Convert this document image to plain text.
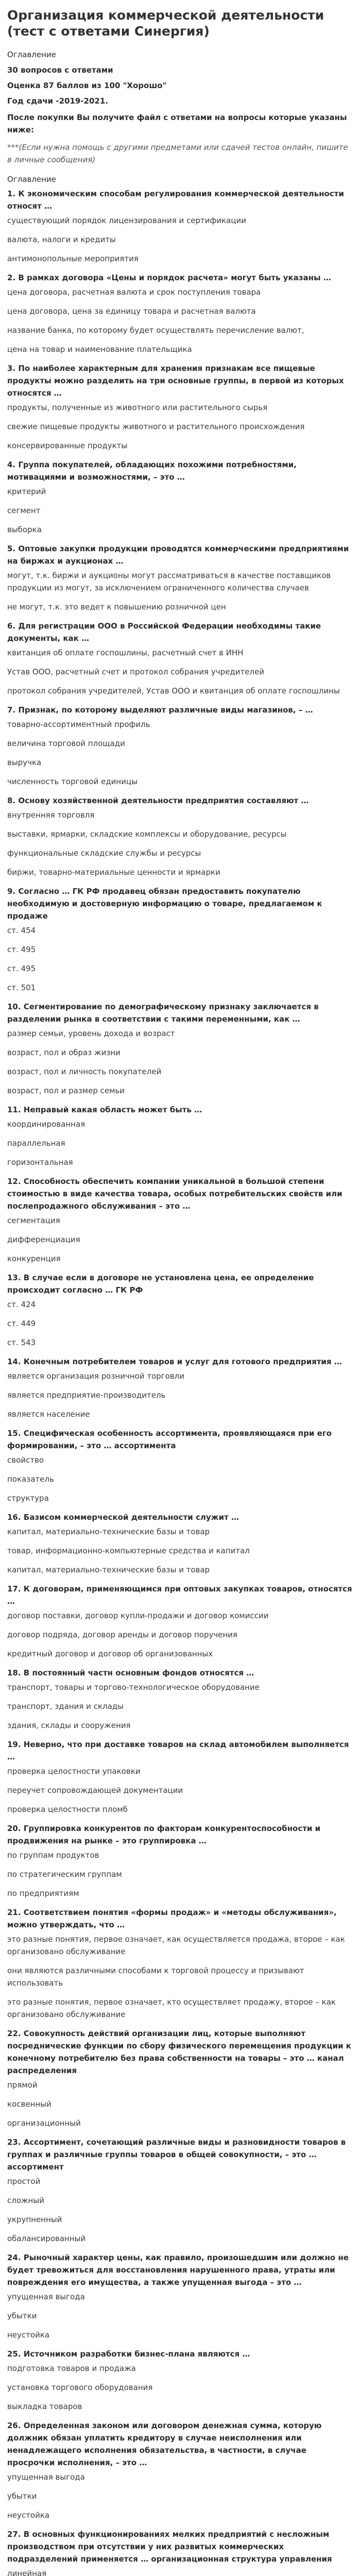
Организация коммерческой деятельности (тест с ответами Синергия)
Оглавление
30 вопросов с ответами
Оценка 87 баллов из 100 "Хорошо"
Год сдачи -2019-2021.
После покупки Вы получите файл с ответами на вопросы которые указаны ниже:
***(Если нужна помощь с другими предметами или сдачей тестов онлайн, пишите в личные сообщения)
Оглавление
1. К экономическим способам регулирования коммерческой деятельности относят …
существующий порядок лицензирования и сертификации
валюта, налоги и кредиты
антимонопольные мероприятия
2. В рамках договора «Цены и порядок расчета» могут быть указаны …
цена договора, расчетная валюта и срок поступления товара
цена договора, цена за единицу товара и расчетная валюта
название банка, по которому будет осуществлять перечисление валют,
цена на товар и наименование плательщика
3. По наиболее характерным для хранения признакам все пищевые продукты можно разделить на три основные группы, в первой из которых относятся …
продукты, полученные из животного или растительного сырья
свежие пищевые продукты животного и растительного происхождения
консервированные продукты
4. Группа покупателей, обладающих похожими потребностями, мотивациями и возможностями, – это …
критерий
сегмент
выборка
5. Оптовые закупки продукции проводятся коммерческими предприятиями на биржах и аукционах …
могут, т.к. биржи и аукционы могут рассматриваться в качестве поставщиков продукции из могут, за исключением ограниченного количества случаев
не могут, т.к. это ведет к повышению розничной цен
6. Для регистрации ООО в Российской Федерации необходимы такие документы, как …
квитанция об оплате госпошлины, расчетный счет в ИНН
Устав ООО, расчетный счет и протокол собрания учредителей
протокол собрания учредителей, Устав ООО и квитанция об оплате госпошлины
7. Признак, по которому выделяют различные виды магазинов, – …
товарно-ассортиментный профиль
величина торговой площади
выручка
численность торговой единицы
8. Основу хозяйственной деятельности предприятия составляют …
внутренняя торговля
выставки, ярмарки, складские комплексы и оборудование, ресурсы
функциональные складские службы и ресурсы
биржи, товарно-материальные ценности и ярмарки
9. Согласно … ГК РФ продавец обязан предоставить покупателю необходимую и достоверную информацию о товаре, предлагаемом к продаже
ст. 454
ст. 495
ст. 495
ст. 501
10. Сегментирование по демографическому признаку заключается в разделении рынка в соответствии с такими переменными, как …
размер семьи, уровень дохода и возраст
возраст, пол и образ жизни
возраст, пол и личность покупателей
возраст, пол и размер семьи
11. Неправый какая область может быть …
координированная
параллельная
горизонтальная
12. Способность обеспечить компании уникальной в большой степени стоимостью в виде качества товара, особых потребительских свойств или послепродажного обслуживания – это …
сегментация
дифференциация
конкуренция
13. В случае если в договоре не установлена цена, ее определение происходит согласно … ГК РФ
ст. 424
ст. 449
ст. 543
14. Конечным потребителем товаров и услуг для готового предприятия …
является организация розничной торговли
является предприятие-производитель
является население
15. Специфическая особенность ассортимента, проявляющаяся при его формировании, – это … ассортимента
свойство
показатель
структура
16. Базисом коммерческой деятельности служит …
капитал, материально-технические базы и товар
товар, информационно-компьютерные средства и капитал
капитал, материально-технические базы и товар
17. К договорам, применяющимся при оптовых закупках товаров, относятся …
договор поставки, договор купли-продажи и договор комиссии
договор подряда, договор аренды и договор поручения
кредитный договор и договор об организованных
18. В постоянный частн основным фондов относятся …
транспорт, товары и торгово-технологическое оборудование
транспорт, здания и склады
здания, склады и сооружения
19. Неверно, что при доставке товаров на склад автомобилем выполняется …
проверка целостности упаковки
переучет сопровождающей документации
проверка целостности пломб
20. Группировка конкурентов по факторам конкурентоспособности и продвижения на рынке – это группировка …
по группам продуктов
по стратегическим группам
по предприятиям
21. Соответствием понятия «формы продаж» и «методы обслуживания», можно утверждать, что …
это разные понятия, первое означает, как осуществляется продажа, второе – как организовано обслуживание
они являются различными способами к торговой процессу и призывают использовать
это разные понятия, первое означает, кто осуществляет продажу, второе – как организовано обслуживание
22. Совокупность действий организации лиц, которые выполняют посреднические функции по сбору физического перемещения продукции к конечному потребителю без права собственности на товары – это … канал распределения
прямой
косвенный
организационный
23. Ассортимент, сочетающий различные виды и разновидности товаров в группах и различные группы товаров в общей совокупности, – это … ассортимент
простой
сложный
укрупненный
обалансированный
24. Рыночный характер цены, как правило, произошедшим или должно не будет тревожиться для восстановления нарушенного права, утраты или повреждения его имущества, а также упущенная выгода – это …
упущенная выгода
убытки
неустойка
25. Источником разработки бизнес-плана являются …
подготовка товаров и продажа
установка торгового оборудования
выкладка товаров
26. Определенная законом или договором денежная сумма, которую должник обязан уплатить кредитору в случае неисполнения или ненадлежащего исполнения обязательства, в частности, в случае просрочки исполнения, – это …
упущенная выгода
убытки
неустойка
27. В основных функционированиях мелких предприятий с несложным производством при отсутствии у них развитых коммерческих подразделений применяется … организационная структура управления
линейная
